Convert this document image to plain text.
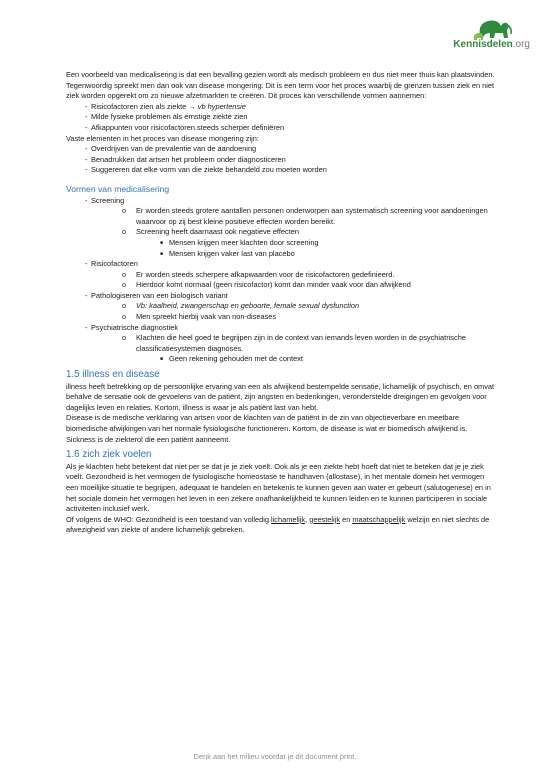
Kennisdelen.org

Een voorbeeld van medicalisering is dat een bevalling gezien wordt als medisch probleem en dus niet meer thuis kan plaatsvinden. Tegenwoordig spreekt men dan ook van disease mongering. Dit is een term voor het proces waarbij de grenzen tussen ziek en niet ziek worden opgerekt om zo nieuwe afzetmarkten te creëren. Dit proces kan verschillende vormen aannemen:

- Risicofactoren zien als ziekte → vb hypertensie
- Milde fysieke problemen als ernstige ziekte zien
- Afkappunten voor risicofactoren steeds scherper definiëren

Vaste elementen in het proces van disease mongering zijn:

- Overdrijven van de prevalentie van de aandoening
- Benadrukken dat artsen het probleem onder diagnosticeren
- Suggereren dat elke vorm van die ziekte behandeld zou moeten worden
Vormen van medicalisering
- Screening
o Er worden steeds grotere aantallen personen onderworpen aan systematisch screening voor aandoeningen waarvoor op zij best kleine positieve effecten worden bereikt.
o Screening heeft daarnaast ook negatieve effecten
■ Mensen krijgen meer klachten door screening
■ Mensen krijgen vaker last van placebo
- Risicofactoren
o Er worden steeds scherpere afkapwaarden voor de risicofactoren gedefinieerd.
o Hierdoor komt normaal (geen risicofactor) komt dan minder vaak voor dan afwijkend
- Pathologiseren van een biologisch variant
o Vb: kaalheid, zwangerschap en geboorte, female sexual dysfunction
o Men spreekt hierbij vaak van non-diseases
- Psychiatrische diagnostiek
o Klachten die heel goed te begrijpen zijn in de context van iemands leven worden in de psychiatrische classificatiesystemen diagnoses.
■ Geen rekening gehouden met de context
1.5 illness en disease

illness heeft betrekking op de persoonlijke ervaring van een als afwijkend bestempelde sensatie, lichamelijk of psychisch, en omvat behalve de sensatie ook de gevoelens van de patiënt, zijn angsten en bedenkingen, veronderstelde dreigingen en gevolgen voor dagelijks leven en relaties. Kortom, illness is waar je als patiënt last van hebt.

Disease is de medische verklaring van artsen voor de klachten van de patiënt in de zin van objectieverbare en meetbare biomedische afwijkingen van het normale fysiologische functioneren. Kortom, de disease is wat er biomedisch afwijkend is.

Sickness is de ziekterol die een patiënt aanneemt.

1.6 zich ziek voelen

Als je klachten hebt betekent dat niet per se dat je je ziek voelt. Ook als je een ziekte hebt hoeft dat niet te beteken dat je je ziek voelt. Gezondheid is het vermogen de fysiologische homeostase te handhaven (allostase), in het mentale domein het vermogen een moeilijke situatie te begrijpen, adequaat te handelen en betekenis te kunnen geven aan water er gebeurt (salutogenese) en in het sociale domein het vermogen het leven in een zekere onafhankelijkheid te kunnen leiden en te kunnen participeren in sociale activiteiten inclusief werk.

Of volgens de WHO: Gezondheid is een toestand van volledig lichamelijk, geestelijk en maatschappelijk welzijn en niet slechts de afwezigheid van ziekte of andere lichamelijk gebreken.

Denk aan het milieu voordat je dit document print.
